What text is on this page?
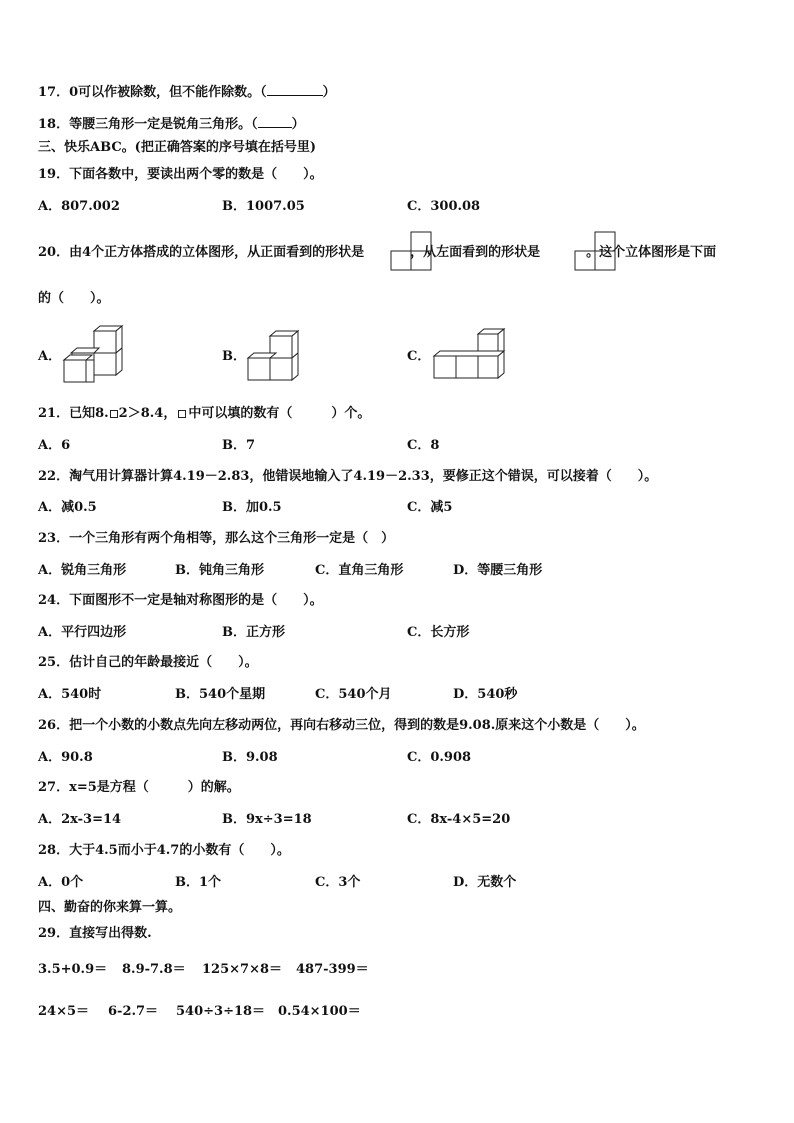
17．0可以作被除数，但不能作除数。（	）
18．等腰三角形一定是锐角三角形。（	）
三、快乐ABC。(把正确答案的序号填在括号里)
19．下面各数中，要读出两个零的数是（　　）。
A．807.002	B．1007.05	C．300.08
20．由4个正方体搭成的立体图形，从正面看到的形状是	，从左面看到的形状是	。这个立体图形是下面
的（　　）。
A．	B．	C．
21．已知8. 2＞8.4， 中可以填的数有（　　　）个。
A．6	B．7	C．8
22．淘气用计算器计算4.19－2.83，他错误地输入了4.19－2.33，要修正这个错误，可以接着（　　）。
A．减0.5	B．加0.5	C．减5
23．一个三角形有两个角相等，那么这个三角形一定是（　）
A．锐角三角形	B．钝角三角形	C．直角三角形	D．等腰三角形
24．下面图形不一定是轴对称图形的是（　　）。
A．平行四边形	B．正方形	C．长方形
25．估计自己的年龄最接近（　　）。
A．540时	B．540个星期	C．540个月	D．540秒
26．把一个小数的小数点先向左移动两位，再向右移动三位，得到的数是9.08.原来这个小数是（　　）。
A．90.8	B．9.08	C．0.908
27．x=5是方程（　　　）的解。
A．2x-3=14	B．9x÷3=18	C．8x-4×5=20
28．大于4.5而小于4.7的小数有（　　）。
A．0个	B．1个	C．3个	D．无数个
四、勤奋的你来算一算。
29．直接写出得数.
3.5+0.9＝ 8.9-7.8＝ 125×7×8＝ 487-399＝
24×5＝ 6-2.7＝ 540÷3÷18＝ 0.54×100＝
